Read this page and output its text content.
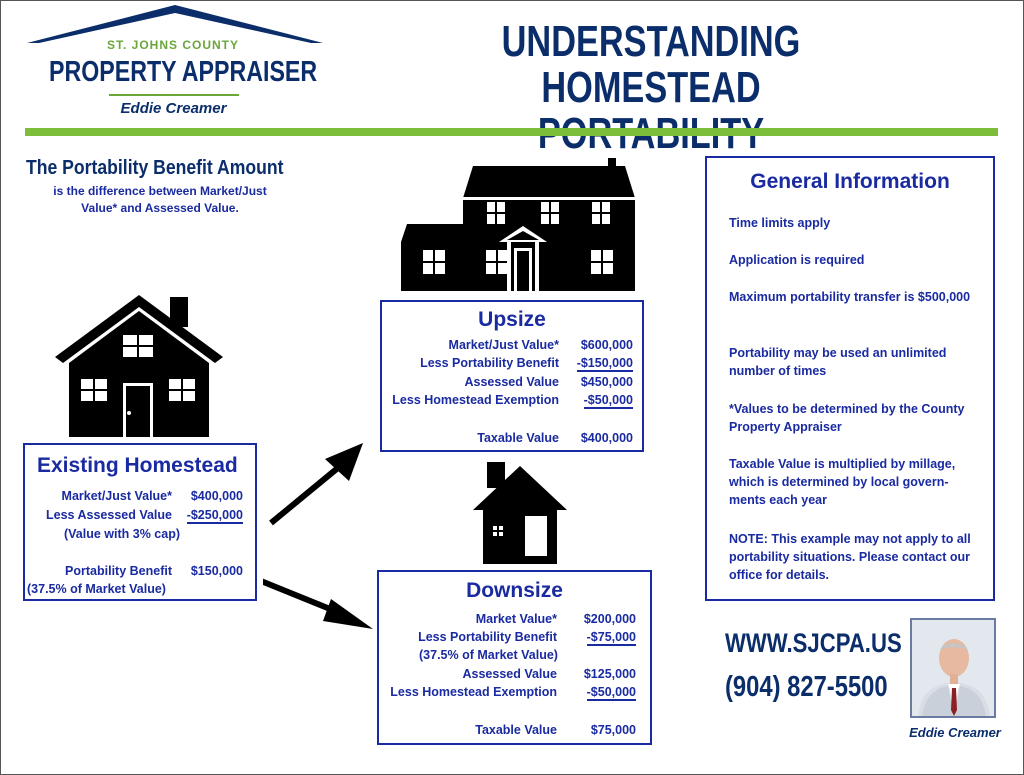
ST. JOHNS COUNTY
PROPERTY APPRAISER
Eddie Creamer
UNDERSTANDING HOMESTEAD
The Portability Benefit Amount
is the difference between Market/Just Value* and Assessed Value.
Existing Homestead
Market/Just Value* $400,000
Less Assessed Value -$250,000
(Value with 3% cap)
Portability Benefit $150,000
(37.5% of Market Value)
Upsize
Market/Just Value* $600,000
Less Portability Benefit -$150,000
Assessed Value $450,000
Less Homestead Exemption -$50,000
Taxable Value $400,000
Downsize
Market Value* $200,000
Less Portability Benefit -$75,000
(37.5% of Market Value)
Assessed Value $125,000
Less Homestead Exemption -$50,000
Taxable Value	$75,000
General Information
Time limits apply
Application is required
Maximum portability transfer is $500,000
Portability may be used an unlimited number of times
*Values to be determined by the County Property Appraiser
Taxable Value is multiplied by millage, which is determined by local govern-ments each year
NOTE: This example may not apply to all portability situations. Please contact our office for details.
WWW.SJCPA.US
(904) 827-5500
Eddie Creamer
